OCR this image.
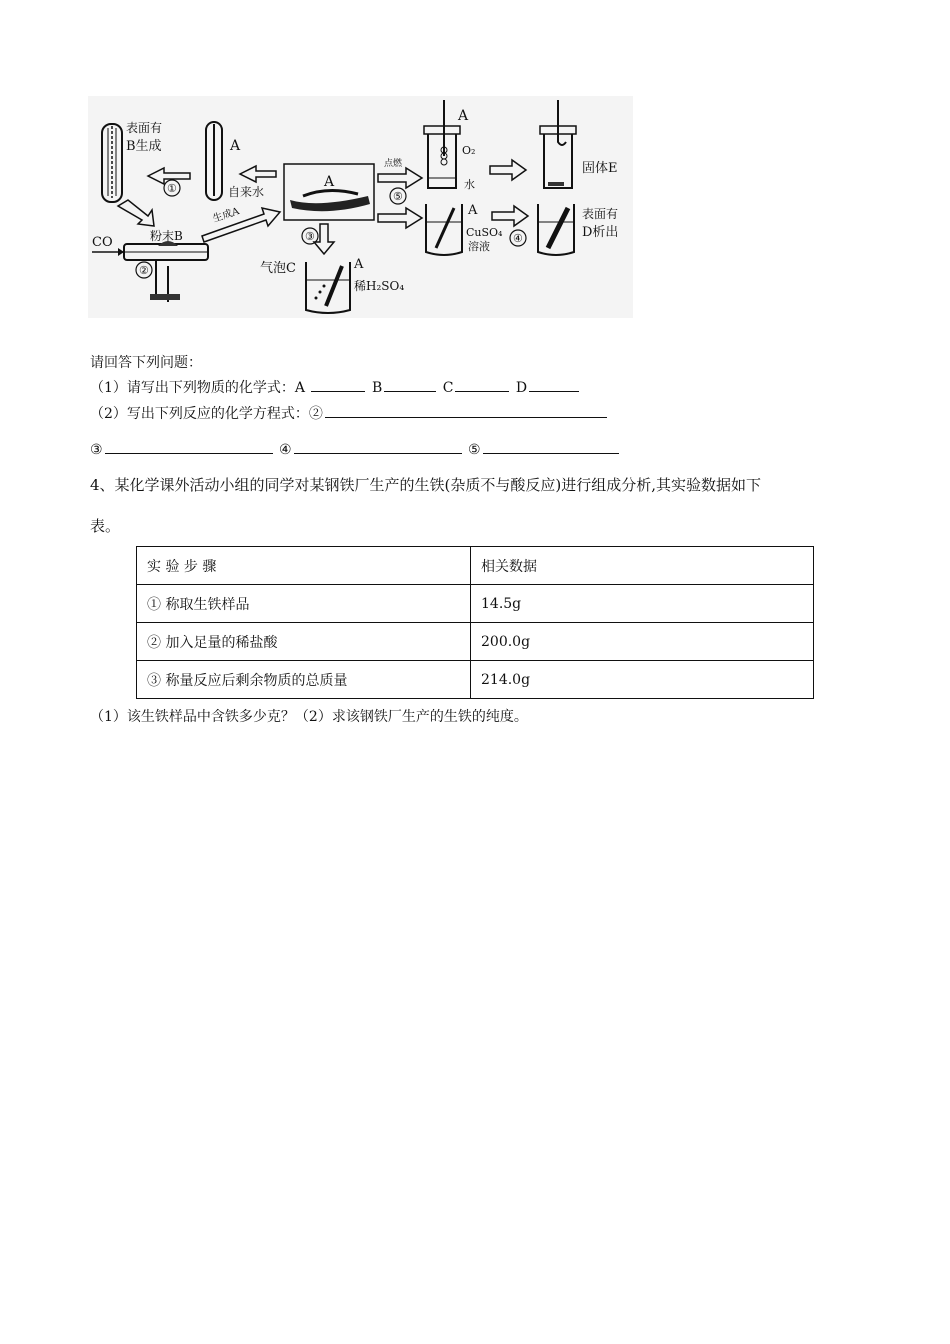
表面有
B生成
①
A
自来水
A
CO	粉末B
②
生成A
③
气泡C	A
稀H₂SO₄
点燃
⑤
A
O₂
水
固体E
A
CuSO₄
溶液
④
表面有
D析出
请回答下列问题：
（1）请写出下列物质的化学式：A	B	C	D
（2）写出下列反应的化学方程式：②
③	④	⑤
4、某化学课外活动小组的同学对某钢铁厂生产的生铁(杂质不与酸反应)进行组成分析,其实验数据如下
表。
实 验 步 骤	相关数据
① 称取生铁样品	14.5g
② 加入足量的稀盐酸	200.0g
③ 称量反应后剩余物质的总质量	214.0g
（1）该生铁样品中含铁多少克？（2）求该钢铁厂生产的生铁的纯度。
